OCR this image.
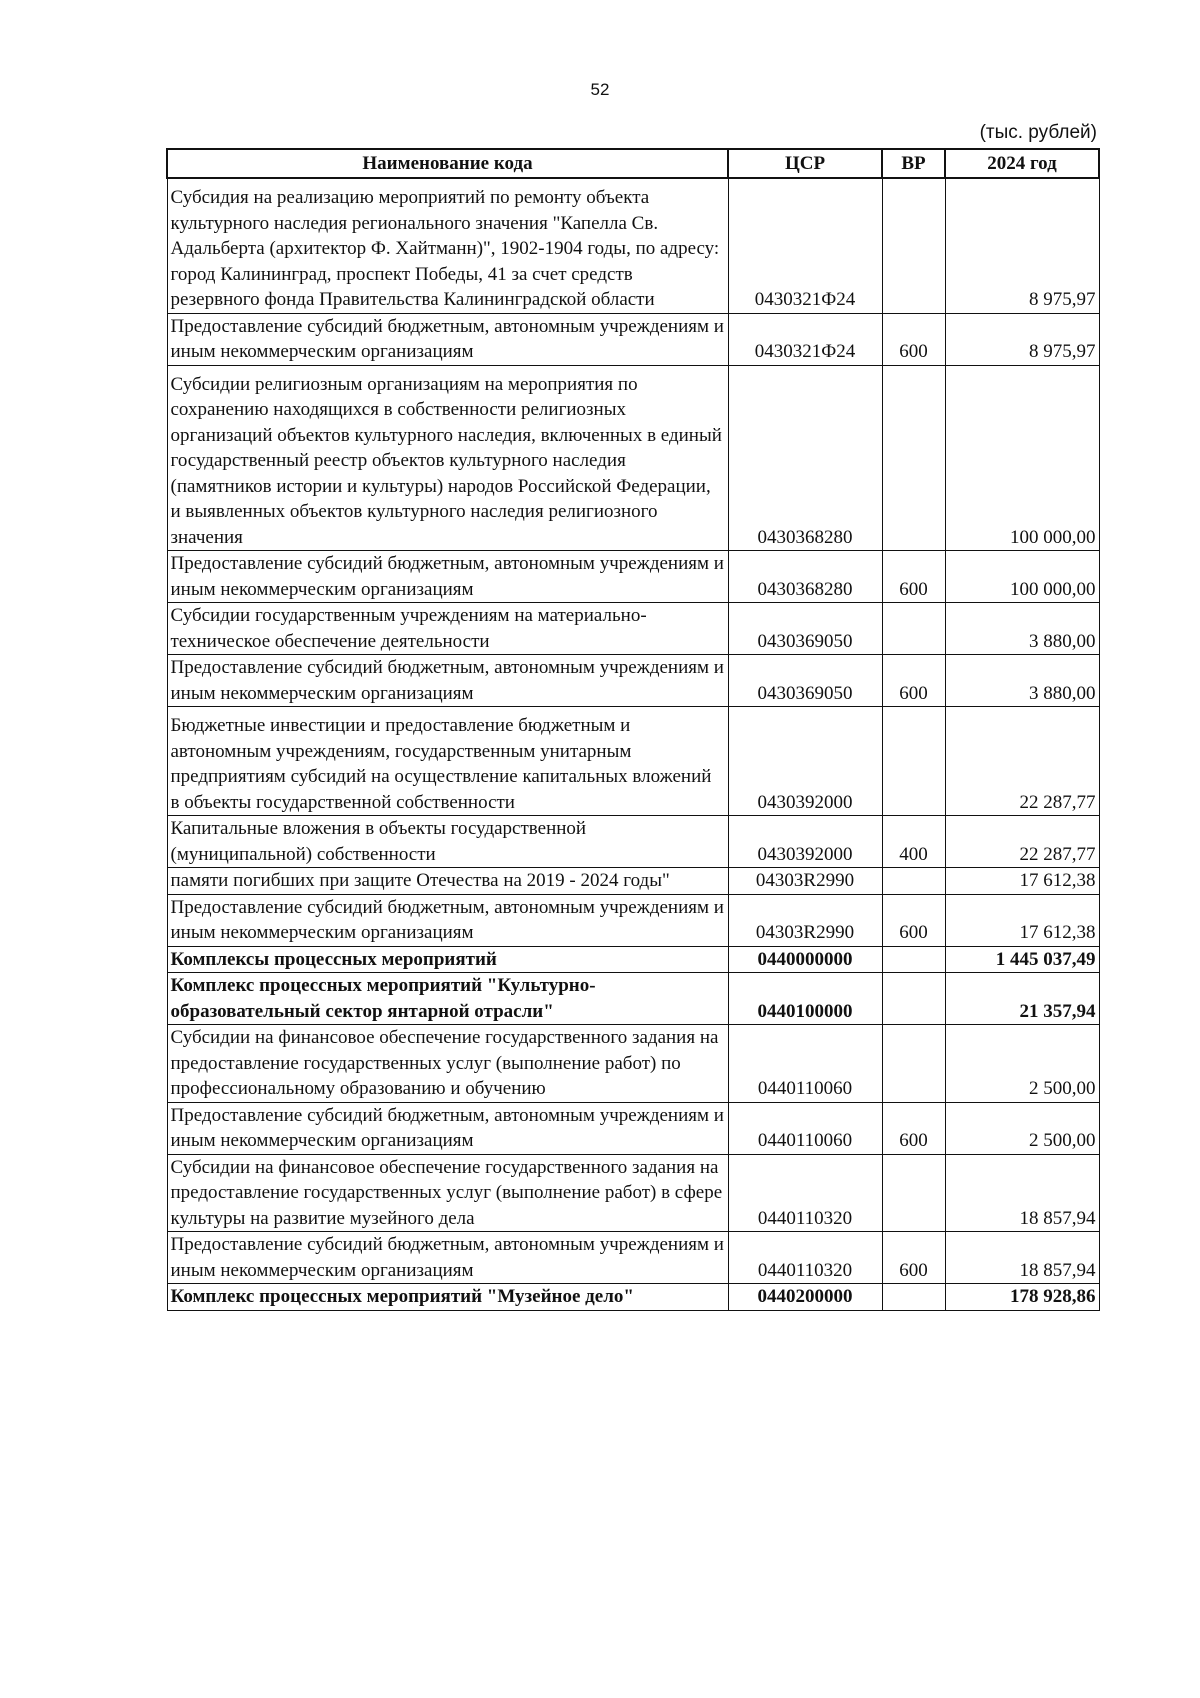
52
(тыс. рублей)
Наименование кода	ЦСР	ВР	2024 год
Субсидия на реализацию мероприятий по ремонту объекта культурного наследия регионального значения "Капелла Св. Адальберта (архитектор Ф. Хайтманн)", 1902-1904 годы, по адресу: город Калининград, проспект Победы, 41 за счет средств резервного фонда Правительства Калининградской области	0430321Ф24		8 975,97
Предоставление субсидий бюджетным, автономным учреждениям и иным некоммерческим организациям	0430321Ф24	600	8 975,97
Субсидии религиозным организациям на мероприятия по сохранению находящихся в собственности религиозных организаций объектов культурного наследия, включенных в единый государственный реестр объектов культурного наследия (памятников истории и культуры) народов Российской Федерации, и выявленных объектов культурного наследия религиозного значения	0430368280		100 000,00
Предоставление субсидий бюджетным, автономным учреждениям и иным некоммерческим организациям	0430368280	600	100 000,00
Субсидии государственным учреждениям на материально-техническое обеспечение деятельности	0430369050		3 880,00
Предоставление субсидий бюджетным, автономным учреждениям и иным некоммерческим организациям	0430369050	600	3 880,00
Бюджетные инвестиции и предоставление бюджетным и автономным учреждениям, государственным унитарным предприятиям субсидий на осуществление капитальных вложений в объекты государственной собственности	0430392000		22 287,77
Капитальные вложения в объекты государственной (муниципальной) собственности	0430392000	400	22 287,77
памяти погибших при защите Отечества на 2019 - 2024 годы"	04303R2990		17 612,38
Предоставление субсидий бюджетным, автономным учреждениям и иным некоммерческим организациям	04303R2990	600	17 612,38
Комплексы процессных мероприятий	0440000000		1 445 037,49
Комплекс процессных мероприятий "Культурно-образовательный сектор янтарной отрасли"	0440100000		21 357,94
Субсидии на финансовое обеспечение государственного задания на предоставление государственных услуг (выполнение работ) по профессиональному образованию и обучению	0440110060		2 500,00
Предоставление субсидий бюджетным, автономным учреждениям и иным некоммерческим организациям	0440110060	600	2 500,00
Субсидии на финансовое обеспечение государственного задания на предоставление государственных услуг (выполнение работ) в сфере культуры на развитие музейного дела	0440110320		18 857,94
Предоставление субсидий бюджетным, автономным учреждениям и иным некоммерческим организациям	0440110320	600	18 857,94
Комплекс процессных мероприятий "Музейное дело"	0440200000		178 928,86
